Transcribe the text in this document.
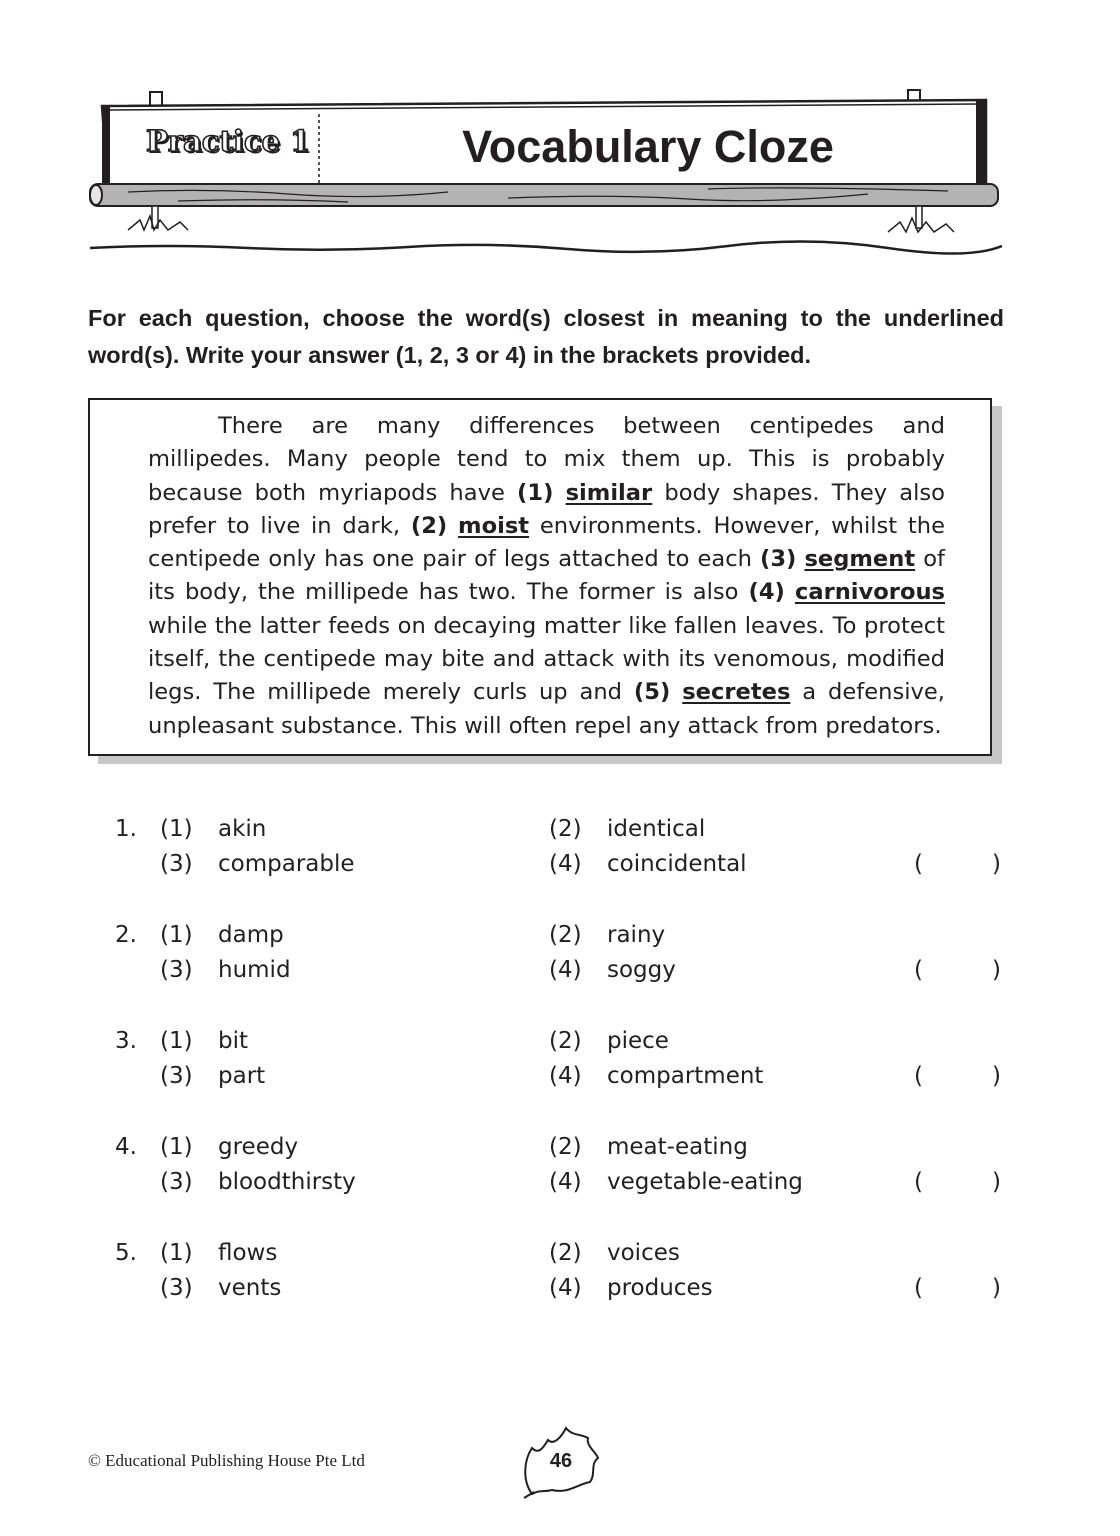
Practice 1	Vocabulary Cloze
For each question, choose the word(s) closest in meaning to the underlined word(s). Write your answer (1, 2, 3 or 4) in the brackets provided.
There are many differences between centipedes and millipedes. Many people tend to mix them up. This is probably because both myriapods have (1) similar body shapes. They also prefer to live in dark, (2) moist environments. However, whilst the centipede only has one pair of legs attached to each (3) segment of its body, the millipede has two. The former is also (4) carnivorous while the latter feeds on decaying matter like fallen leaves. To protect itself, the centipede may bite and attack with its venomous, modified legs. The millipede merely curls up and (5) secretes a defensive, unpleasant substance. This will often repel any attack from predators.
1. (1) akin	(2) identical
(3) comparable	(4) coincidental	(	)
2. (1) damp	(2) rainy
(3) humid	(4) soggy	(	)
3. (1) bit	(2) piece
(3) part	(4) compartment	(	)
4. (1) greedy	(2) meat-eating
(3) bloodthirsty	(4) vegetable-eating	(	)
5. (1) flows	(2) voices
(3) vents	(4) produces	(	)
© Educational Publishing House Pte Ltd	46
